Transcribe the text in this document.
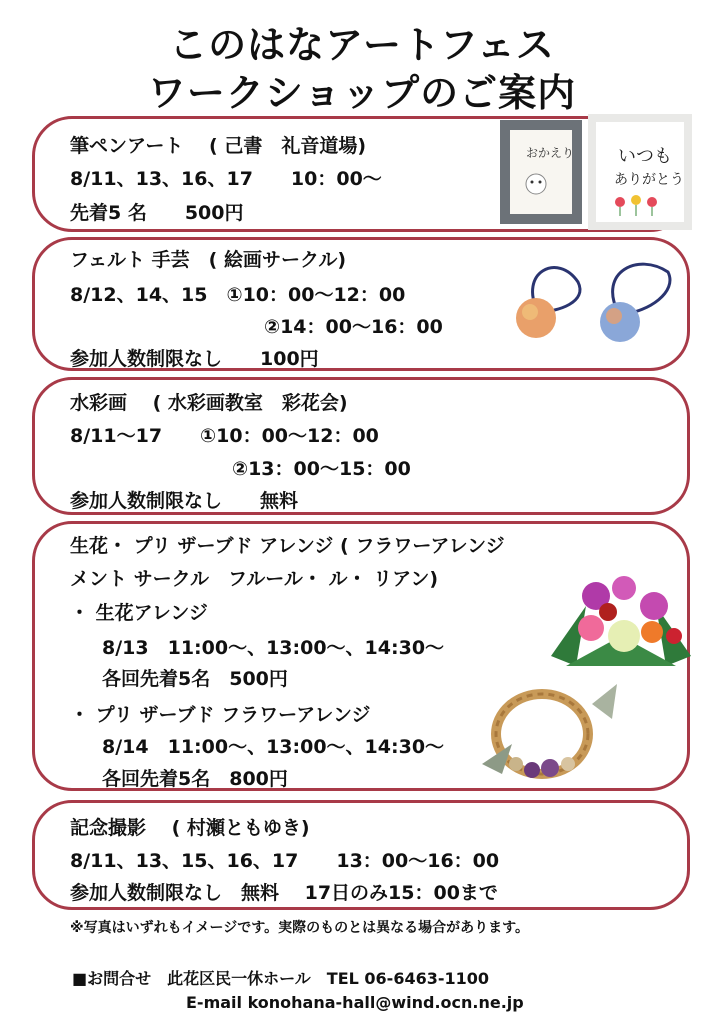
このはなアートフェス
ワークショップのご案内
筆ペンアート　 ( 己書　礼音道場)
8/11、13、16、17　　10：00～
先着5 名　　500円
おかえり いつも
ありがとう
フェルト 手芸　( 絵画サークル)
8/12、14、15　①10：00～12：00
②14：00～16：00
参加人数制限なし　　100円
水彩画　 ( 水彩画教室　彩花会)
8/11～17　　①10：00～12：00
②13：00～15：00
参加人数制限なし　　無料
生花・ プリ ザーブド アレンジ ( フラワーアレンジ
メント サークル　フルール・ ル・ リアン)
・ 生花アレンジ
8/13　11:00～、13:00～、14:30～
各回先着5名　500円
・ プリ ザーブド フラワーアレンジ
8/14　11:00～、13:00～、14:30～
各回先着5名　800円
記念撮影　 ( 村瀬ともゆき)
8/11、13、15、16、17　　13：00～16：00
参加人数制限なし　無料　 17日のみ15：00まで
※写真はいずれもイメージです。実際のものとは異なる場合があります。
■お問合せ　此花区民一休ホール　TEL 06-6463-1100
E-mail konohana-hall@wind.ocn.ne.jp
